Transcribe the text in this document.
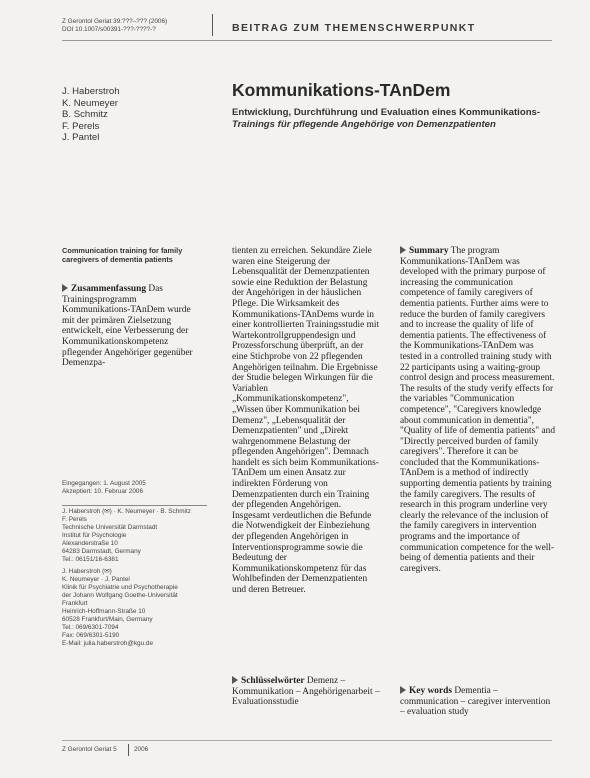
Z Gerontol Geriat 39:???–??? (2006)
DOI 10.1007/s00391-???-????-?	BEITRAG ZUM THEMENSCHWERPUNKT
J. Haberstroh
K. Neumeyer
B. Schmitz
F. Perels
J. Pantel
Kommunikations-TAnDem
Entwicklung, Durchführung und Evaluation eines Kommunikations-
Trainings für pflegende Angehörige von Demenzpatienten
Communication training for family caregivers of dementia patients
Zusammenfassung Das Trainingsprogramm Kommunikations-TAnDem wurde mit der primären Zielsetzung entwickelt, eine Verbesserung der Kommunikationskompetenz pflegender Angehöriger gegenüber Demenzpa-
Eingegangen: 1. August 2005
Akzeptiert: 10. Februar 2006
J. Haberstroh (✉) · K. Neumeyer · B. Schmitz
F. Perels
Technische Universität Darmstadt
Institut für Psychologie
Alexanderstraße 10
64283 Darmstadt, Germany
Tel.: 06151/16-6381
J. Haberstroh (✉)
K. Neumeyer · J. Pantel
Klinik für Psychiatrie und Psychotherapie
der Johann Wolfgang Goethe-Universität
Frankfurt
Heinrich-Hoffmann-Straße 10
60528 Frankfurt/Main, Germany
Tel.: 069/6301-7094
Fax: 069/6301-5190
E-Mail: julia.haberstroh@kgu.de
tienten zu erreichen. Sekundäre Ziele waren eine Steigerung der Lebensqualität der Demenzpatienten sowie eine Reduktion der Belastung der Angehörigen in der häuslichen Pflege. Die Wirksamkeit des Kommunikations-TAnDems wurde in einer kontrollierten Trainingsstudie mit Wartekontrollgruppendesign und Prozessforschung überprüft, an der eine Stichprobe von 22 pflegenden Angehörigen teilnahm. Die Ergebnisse der Studie belegen Wirkungen für die Variablen „Kommunikationskompetenz", „Wissen über Kommunikation bei Demenz", „Lebensqualität der Demenzpatienten" und „Direkt wahrgenommene Belastung der pflegenden Angehörigen". Demnach handelt es sich beim Kommunikations-TAnDem um einen Ansatz zur indirekten Förderung von Demenzpatienten durch ein Training der pflegenden Angehörigen. Insgesamt verdeutlichen die Befunde die Notwendigkeit der Einbeziehung der pflegenden Angehörigen in Interventionsprogramme sowie die Bedeutung der Kommunikationskompetenz für das Wohlbefinden der Demenzpatienten und deren Betreuer.
Schlüsselwörter Demenz – Kommunikation – Angehörigenarbeit – Evaluationsstudie
Summary The program Kommunikations-TAnDem was developed with the primary purpose of increasing the communication competence of family caregivers of dementia patients. Further aims were to reduce the burden of family caregivers and to increase the quality of life of dementia patients. The effectiveness of the Kommunikations-TAnDem was tested in a controlled training study with 22 participants using a waiting-group control design and process measurement. The results of the study verify effects for the variables "Communication competence", "Caregivers knowledge about communication in dementia", "Quality of life of dementia patients" and "Directly perceived burden of family caregivers". Therefore it can be concluded that the Kommunikations-TAnDem is a method of indirectly supporting dementia patients by training the family caregivers. The results of research in this program underline very clearly the relevance of the inclusion of the family caregivers in intervention programs and the importance of communication competence for the well-being of dementia patients and their caregivers.
Key words Dementia – communication – caregiver intervention – evaluation study
Z Gerontol Geriat 5	2006
